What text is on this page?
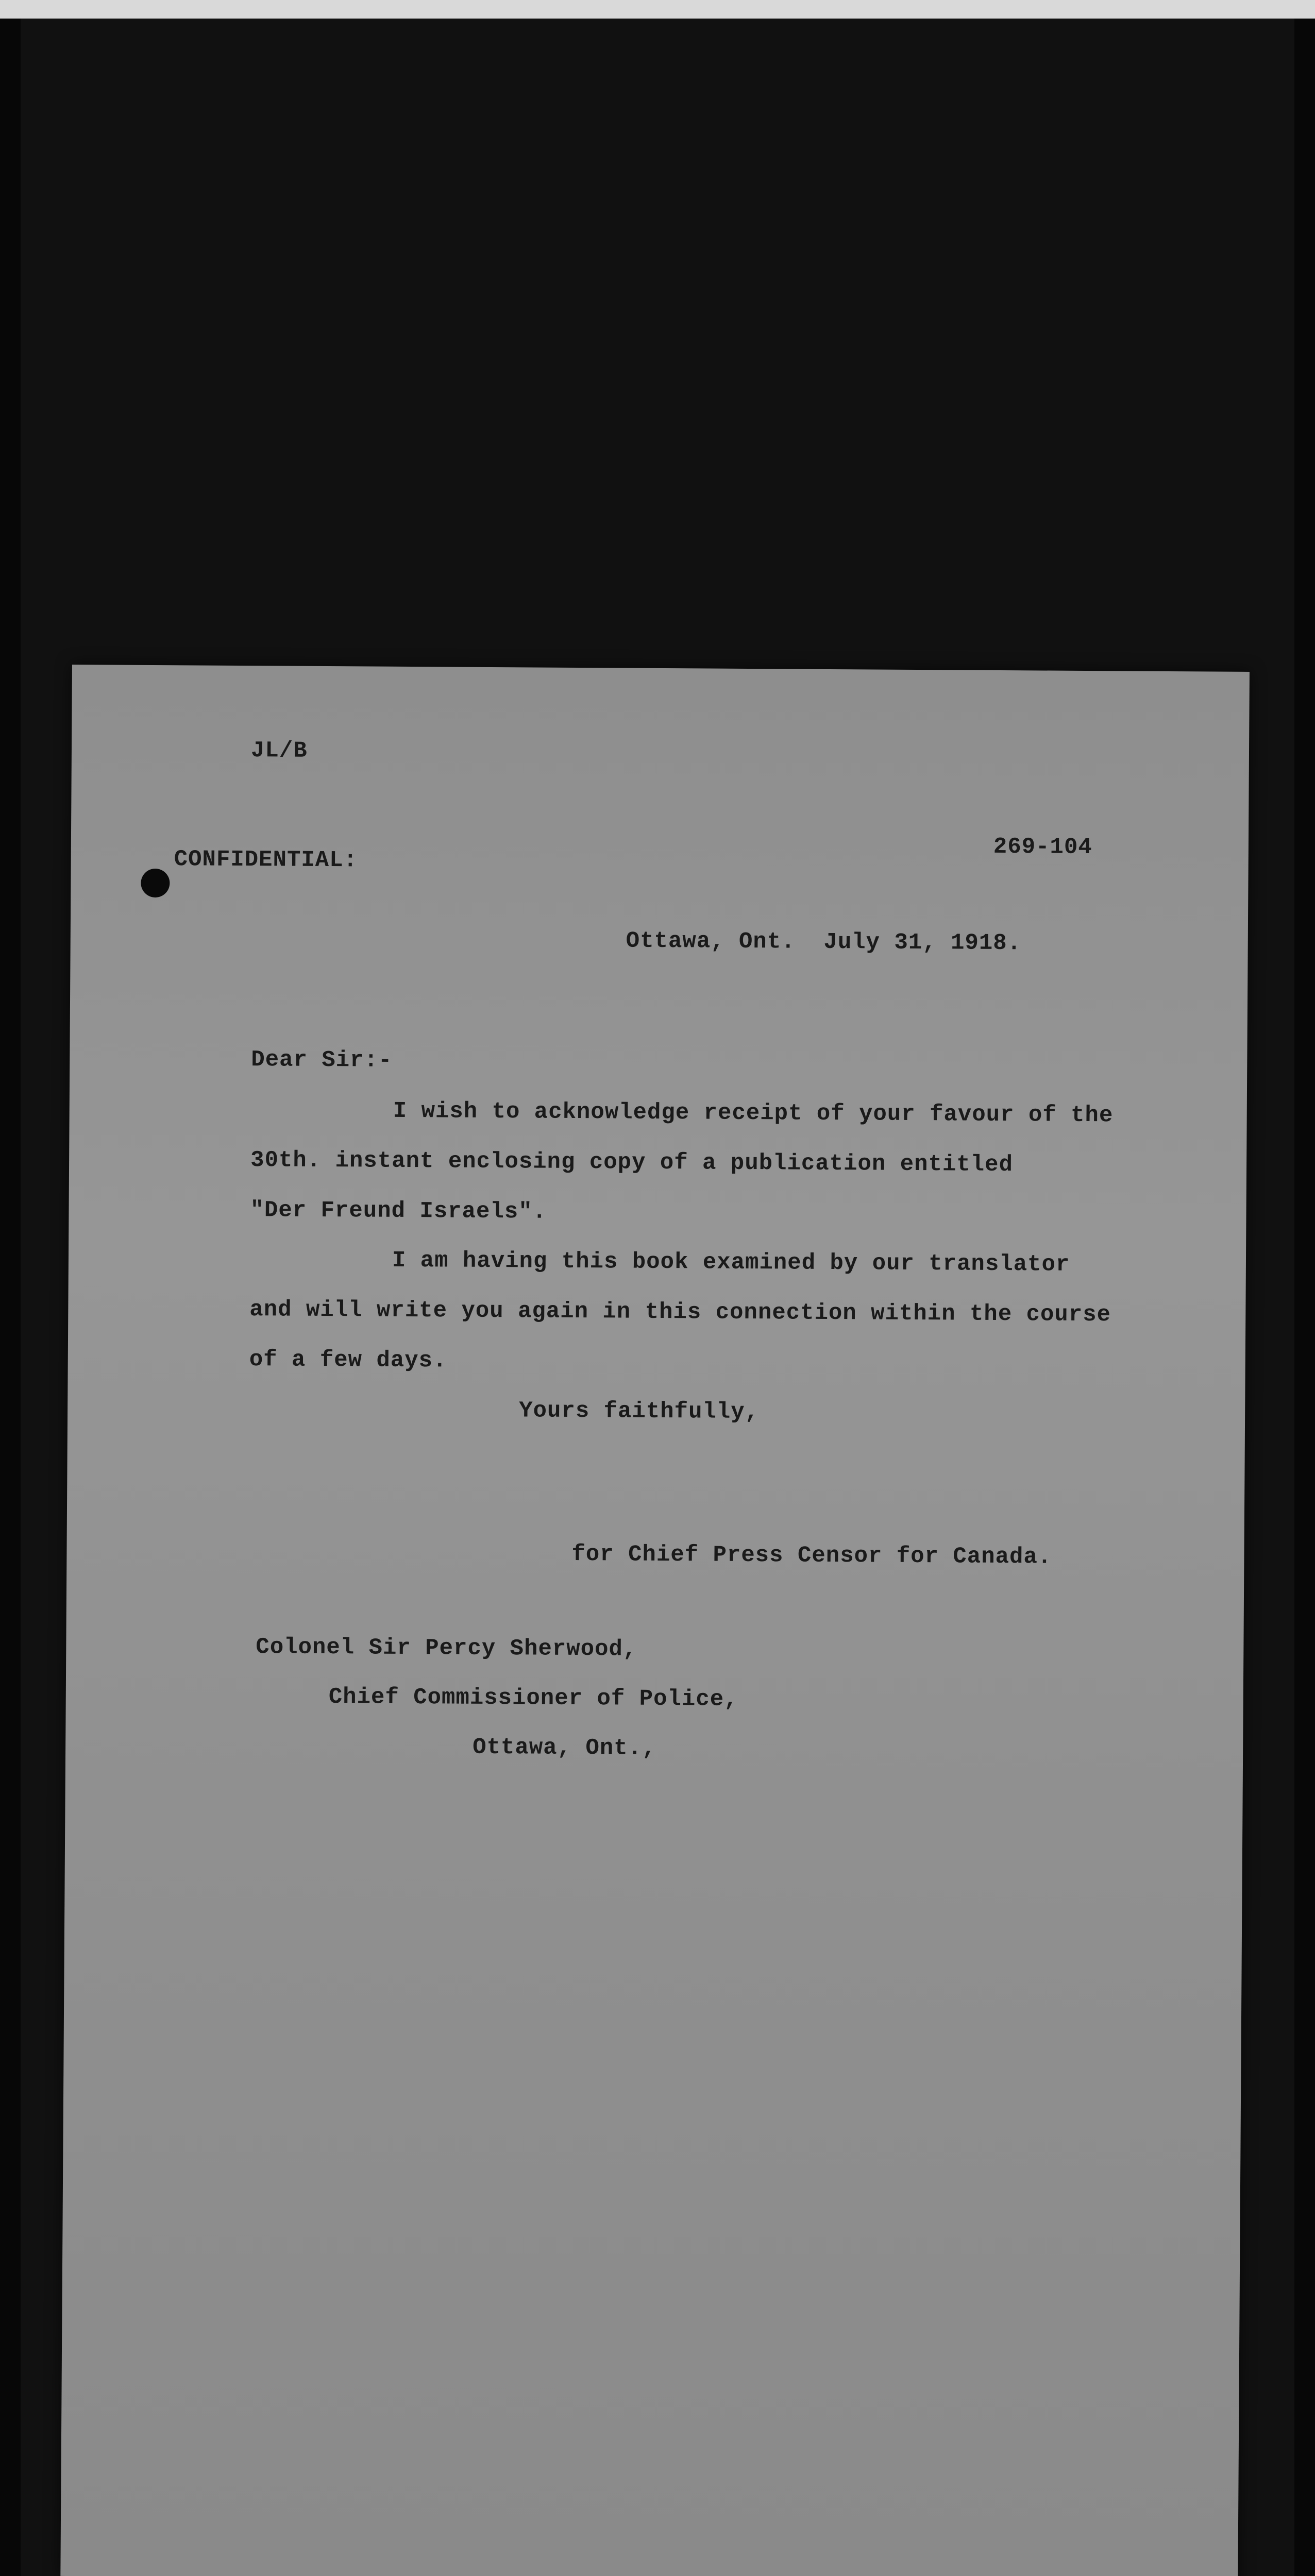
JL/B

CONFIDENTIAL:	269-104

Ottawa, Ont.  July 31, 1918.

Dear Sir:-

I wish to acknowledge receipt of your favour of the

30th. instant enclosing copy of a publication entitled

"Der Freund Israels".

I am having this book examined by our translator

and will write you again in this connection within the course

of a few days.

Yours faithfully,

for Chief Press Censor for Canada.

Colonel Sir Percy Sherwood,

Chief Commissioner of Police,

Ottawa, Ont.,
